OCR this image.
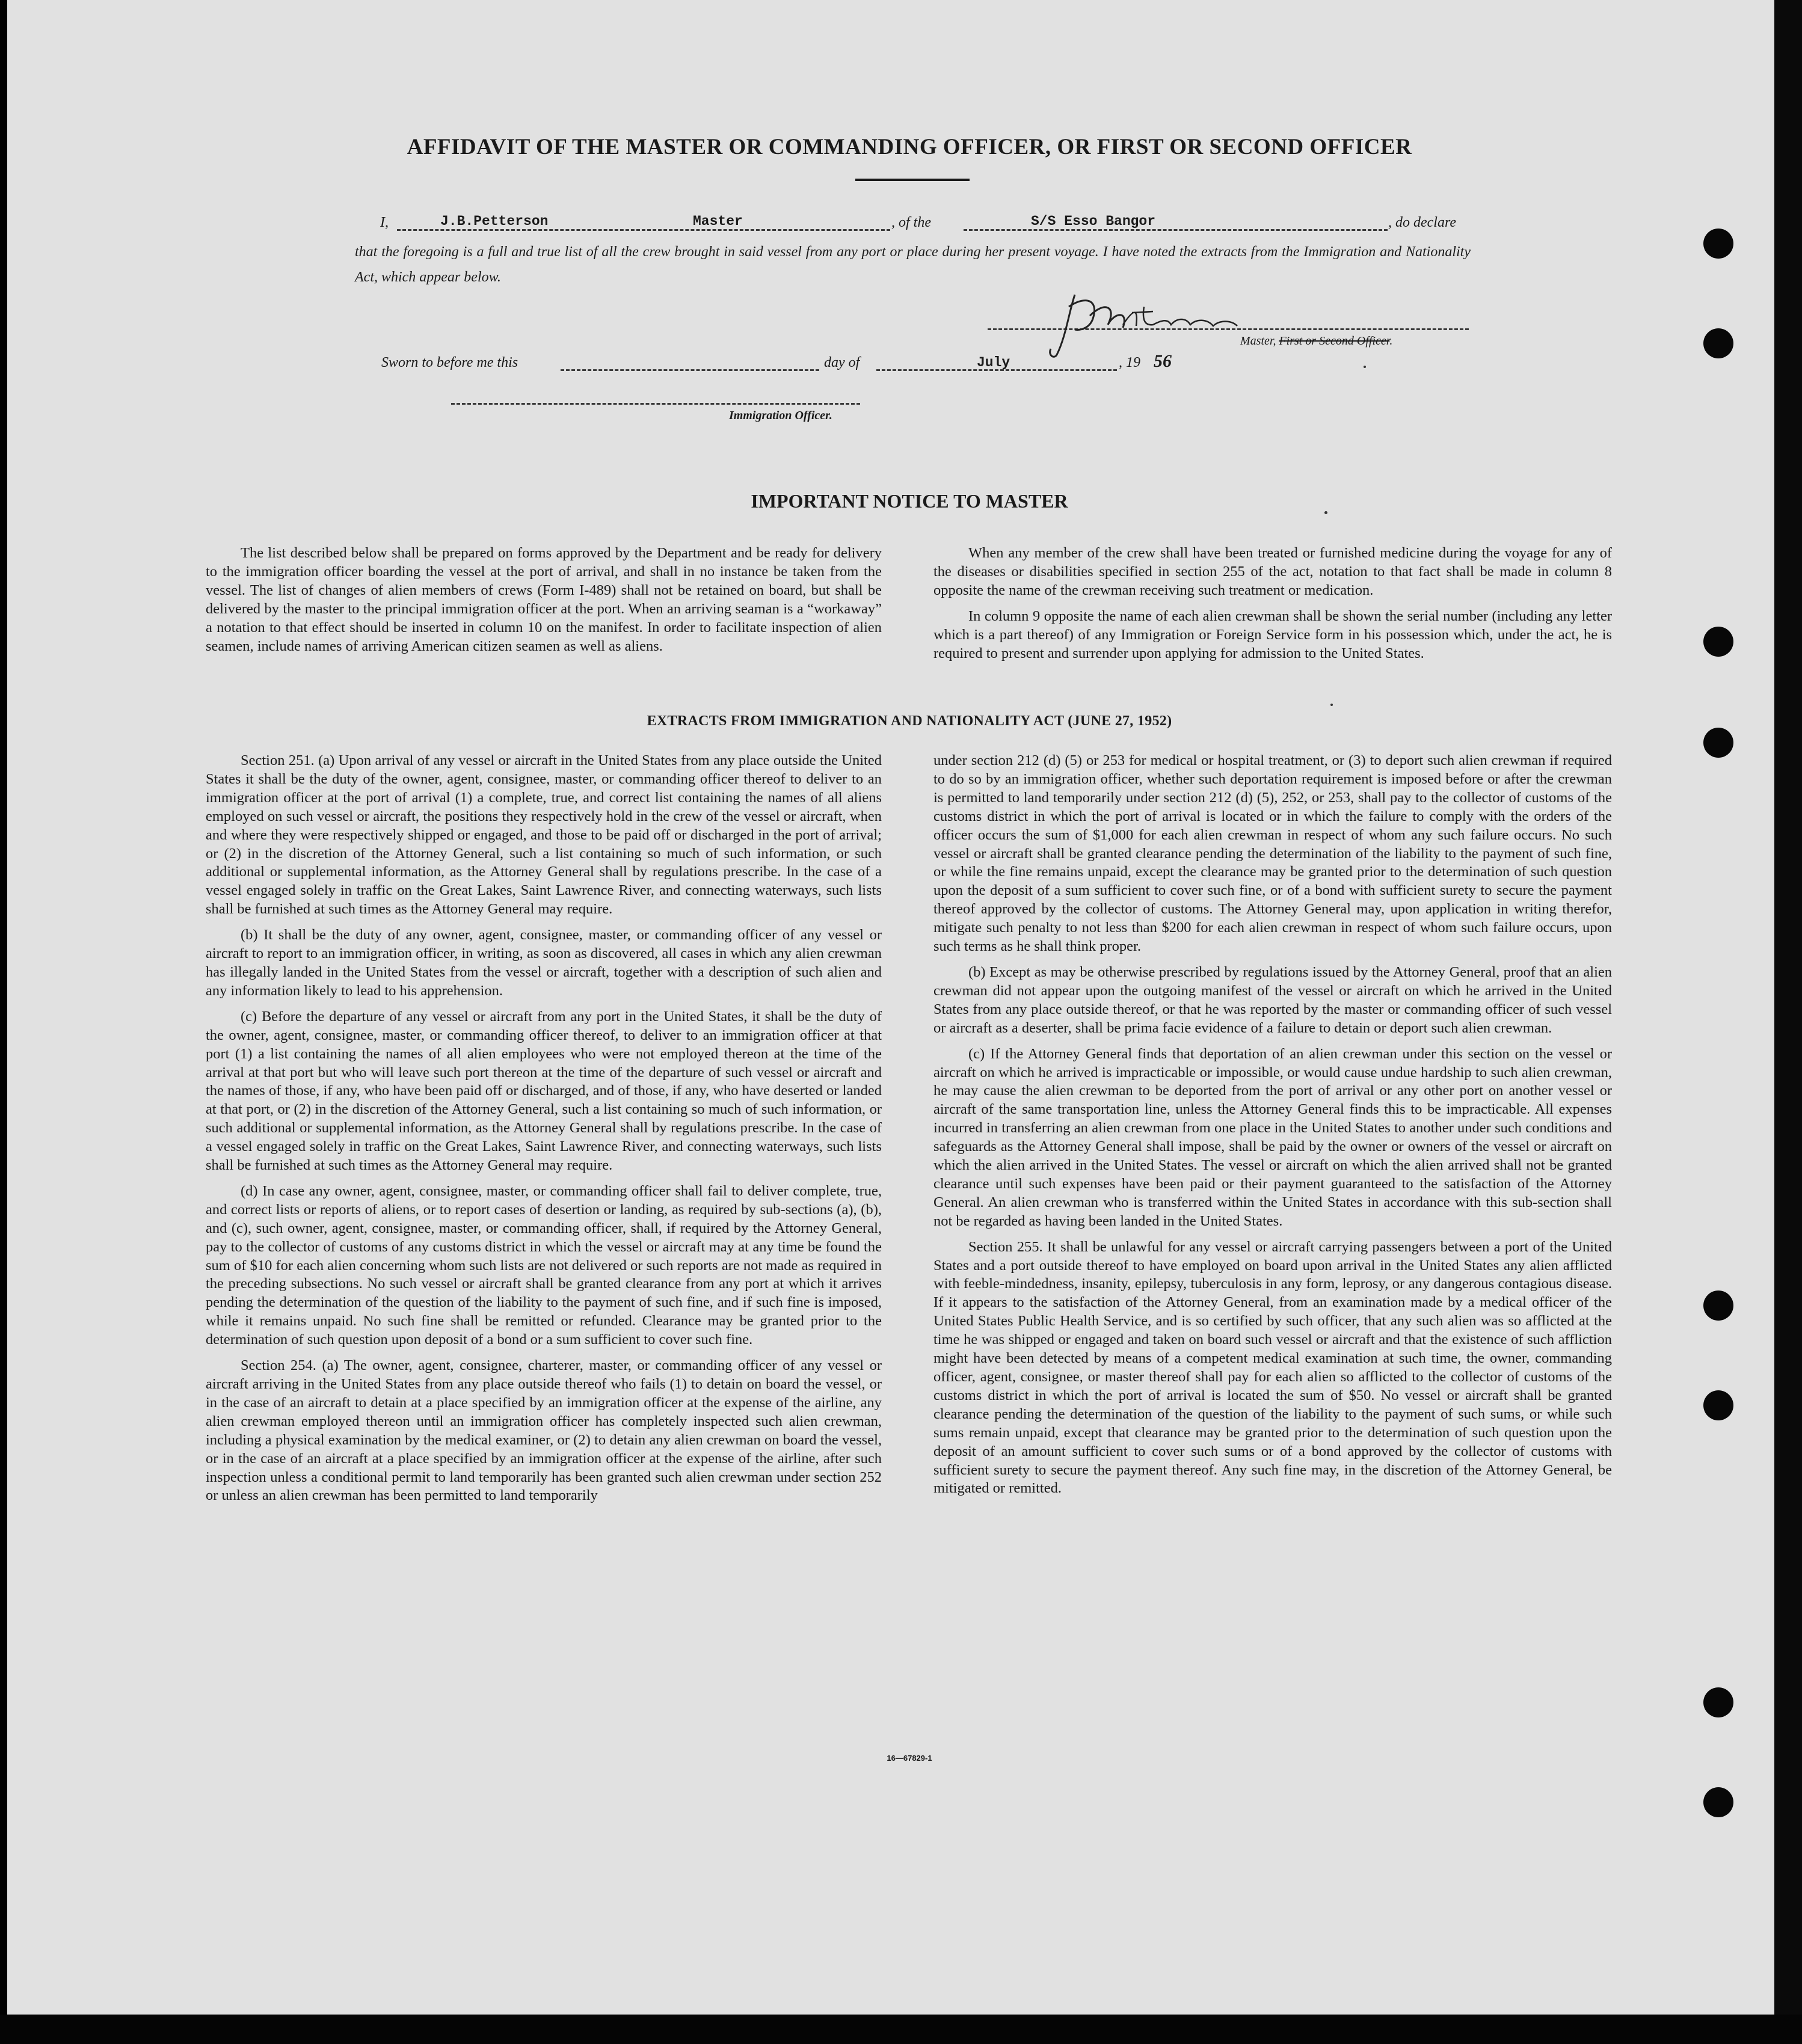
AFFIDAVIT OF THE MASTER OR COMMANDING OFFICER, OR FIRST OR SECOND OFFICER
I,	J.B.Petterson	Master	, of the	S/S Esso Bangor	, do declare
that the foregoing is a full and true list of all the crew brought in said vessel from any port or place during her present voyage. I have noted the extracts from the Immigration and Nationality Act, which appear below.
Master, First or Second Officer.
Sworn to before me this	day of	July	, 19 56
Immigration Officer.
IMPORTANT NOTICE TO MASTER

The list described below shall be prepared on forms approved by the Department and be ready for delivery to the immigration officer boarding the vessel at the port of arrival, and shall in no instance be taken from the vessel. The list of changes of alien members of crews (Form I-489) shall not be retained on board, but shall be delivered by the master to the principal immigration officer at the port. When an arriving seaman is a “workaway” a notation to that effect should be inserted in column 10 on the manifest. In order to facilitate inspection of alien seamen, include names of arriving American citizen seamen as well as aliens.

When any member of the crew shall have been treated or furnished medicine during the voyage for any of the diseases or disabilities specified in section 255 of the act, notation to that fact shall be made in column 8 opposite the name of the crewman receiving such treatment or medication.

In column 9 opposite the name of each alien crewman shall be shown the serial number (including any letter which is a part thereof) of any Immigration or Foreign Service form in his possession which, under the act, he is required to present and surrender upon applying for admission to the United States.

EXTRACTS FROM IMMIGRATION AND NATIONALITY ACT (JUNE 27, 1952)

Section 251. (a) Upon arrival of any vessel or aircraft in the United States from any place outside the United States it shall be the duty of the owner, agent, consignee, master, or commanding officer thereof to deliver to an immigration officer at the port of arrival (1) a complete, true, and correct list containing the names of all aliens employed on such vessel or aircraft, the positions they respectively hold in the crew of the vessel or aircraft, when and where they were respectively shipped or engaged, and those to be paid off or discharged in the port of arrival; or (2) in the discretion of the Attorney General, such a list containing so much of such information, or such additional or supplemental information, as the Attorney General shall by regulations prescribe. In the case of a vessel engaged solely in traffic on the Great Lakes, Saint Lawrence River, and connecting waterways, such lists shall be furnished at such times as the Attorney General may require.

(b) It shall be the duty of any owner, agent, consignee, master, or commanding officer of any vessel or aircraft to report to an immigration officer, in writing, as soon as discovered, all cases in which any alien crewman has illegally landed in the United States from the vessel or aircraft, together with a description of such alien and any information likely to lead to his apprehension.

(c) Before the departure of any vessel or aircraft from any port in the United States, it shall be the duty of the owner, agent, consignee, master, or commanding officer thereof, to deliver to an immigration officer at that port (1) a list containing the names of all alien employees who were not employed thereon at the time of the arrival at that port but who will leave such port thereon at the time of the departure of such vessel or aircraft and the names of those, if any, who have been paid off or discharged, and of those, if any, who have deserted or landed at that port, or (2) in the discretion of the Attorney General, such a list containing so much of such information, or such additional or supplemental information, as the Attorney General shall by regulations prescribe. In the case of a vessel engaged solely in traffic on the Great Lakes, Saint Lawrence River, and connecting waterways, such lists shall be furnished at such times as the Attorney General may require.

(d) In case any owner, agent, consignee, master, or commanding officer shall fail to deliver complete, true, and correct lists or reports of aliens, or to report cases of desertion or landing, as required by sub-sections (a), (b), and (c), such owner, agent, consignee, master, or commanding officer, shall, if required by the Attorney General, pay to the collector of customs of any customs district in which the vessel or aircraft may at any time be found the sum of $10 for each alien concerning whom such lists are not delivered or such reports are not made as required in the preceding subsections. No such vessel or aircraft shall be granted clearance from any port at which it arrives pending the determination of the question of the liability to the payment of such fine, and if such fine is imposed, while it remains unpaid. No such fine shall be remitted or refunded. Clearance may be granted prior to the determination of such question upon deposit of a bond or a sum sufficient to cover such fine.

Section 254. (a) The owner, agent, consignee, charterer, master, or commanding officer of any vessel or aircraft arriving in the United States from any place outside thereof who fails (1) to detain on board the vessel, or in the case of an aircraft to detain at a place specified by an immigration officer at the expense of the airline, any alien crewman employed thereon until an immigration officer has completely inspected such alien crewman, including a physical examination by the medical examiner, or (2) to detain any alien crewman on board the vessel, or in the case of an aircraft at a place specified by an immigration officer at the expense of the airline, after such inspection unless a conditional permit to land temporarily has been granted such alien crewman under section 252 or unless an alien crewman has been permitted to land temporarily

under section 212 (d) (5) or 253 for medical or hospital treatment, or (3) to deport such alien crewman if required to do so by an immigration officer, whether such deportation requirement is imposed before or after the crewman is permitted to land temporarily under section 212 (d) (5), 252, or 253, shall pay to the collector of customs of the customs district in which the port of arrival is located or in which the failure to comply with the orders of the officer occurs the sum of $1,000 for each alien crewman in respect of whom any such failure occurs. No such vessel or aircraft shall be granted clearance pending the determination of the liability to the payment of such fine, or while the fine remains unpaid, except the clearance may be granted prior to the determination of such question upon the deposit of a sum sufficient to cover such fine, or of a bond with sufficient surety to secure the payment thereof approved by the collector of customs. The Attorney General may, upon application in writing therefor, mitigate such penalty to not less than $200 for each alien crewman in respect of whom such failure occurs, upon such terms as he shall think proper.

(b) Except as may be otherwise prescribed by regulations issued by the Attorney General, proof that an alien crewman did not appear upon the outgoing manifest of the vessel or aircraft on which he arrived in the United States from any place outside thereof, or that he was reported by the master or commanding officer of such vessel or aircraft as a deserter, shall be prima facie evidence of a failure to detain or deport such alien crewman.

(c) If the Attorney General finds that deportation of an alien crewman under this section on the vessel or aircraft on which he arrived is impracticable or impossible, or would cause undue hardship to such alien crewman, he may cause the alien crewman to be deported from the port of arrival or any other port on another vessel or aircraft of the same transportation line, unless the Attorney General finds this to be impracticable. All expenses incurred in transferring an alien crewman from one place in the United States to another under such conditions and safeguards as the Attorney General shall impose, shall be paid by the owner or owners of the vessel or aircraft on which the alien arrived in the United States. The vessel or aircraft on which the alien arrived shall not be granted clearance until such expenses have been paid or their payment guaranteed to the satisfaction of the Attorney General. An alien crewman who is transferred within the United States in accordance with this sub-section shall not be regarded as having been landed in the United States.

Section 255. It shall be unlawful for any vessel or aircraft carrying passengers between a port of the United States and a port outside thereof to have employed on board upon arrival in the United States any alien afflicted with feeble-mindedness, insanity, epilepsy, tuberculosis in any form, leprosy, or any dangerous contagious disease. If it appears to the satisfaction of the Attorney General, from an examination made by a medical officer of the United States Public Health Service, and is so certified by such officer, that any such alien was so afflicted at the time he was shipped or engaged and taken on board such vessel or aircraft and that the existence of such affliction might have been detected by means of a competent medical examination at such time, the owner, commanding officer, agent, consignee, or master thereof shall pay for each alien so afflicted to the collector of customs of the customs district in which the port of arrival is located the sum of $50. No vessel or aircraft shall be granted clearance pending the determination of the question of the liability to the payment of such sums, or while such sums remain unpaid, except that clearance may be granted prior to the determination of such question upon the deposit of an amount sufficient to cover such sums or of a bond approved by the collector of customs with sufficient surety to secure the payment thereof. Any such fine may, in the discretion of the Attorney General, be mitigated or remitted.

16—67829-1
